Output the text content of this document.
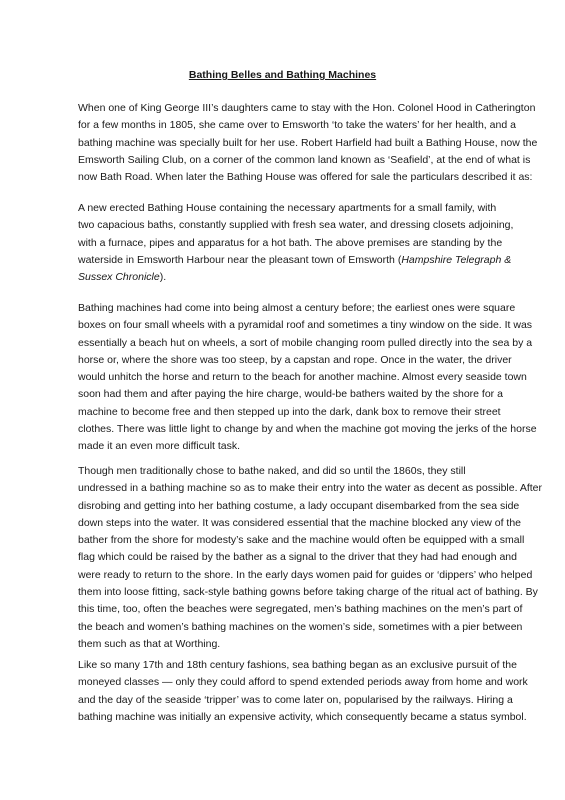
Bathing Belles and Bathing Machines
When one of King George III’s daughters came to stay with the Hon. Colonel Hood in Catherington
for a few months in 1805, she came over to Emsworth ‘to take the waters’ for her health, and a
bathing machine was specially built for her use. Robert Harfield had built a Bathing House, now the
Emsworth Sailing Club, on a corner of the common land known as ‘Seafield’, at the end of what is
now Bath Road. When later the Bathing House was offered for sale the particulars described it as:
A new erected Bathing House containing the necessary apartments for a small family, with
two capacious baths, constantly supplied with fresh sea water, and dressing closets adjoining,
with a furnace, pipes and apparatus for a hot bath. The above premises are standing by the
waterside in Emsworth Harbour near the pleasant town of Emsworth (Hampshire Telegraph &
Sussex Chronicle).
Bathing machines had come into being almost a century before; the earliest ones were square
boxes on four small wheels with a pyramidal roof and sometimes a tiny window on the side. It was
essentially a beach hut on wheels, a sort of mobile changing room pulled directly into the sea by a
horse or, where the shore was too steep, by a capstan and rope. Once in the water, the driver
would unhitch the horse and return to the beach for another machine. Almost every seaside town
soon had them and after paying the hire charge, would-be bathers waited by the shore for a
machine to become free and then stepped up into the dark, dank box to remove their street
clothes. There was little light to change by and when the machine got moving the jerks of the horse
made it an even more difficult task.
Though men traditionally chose to bathe naked, and did so until the 1860s, they still
undressed in a bathing machine so as to make their entry into the water as decent as possible. After
disrobing and getting into her bathing costume, a lady occupant disembarked from the sea side
down steps into the water. It was considered essential that the machine blocked any view of the
bather from the shore for modesty’s sake and the machine would often be equipped with a small
flag which could be raised by the bather as a signal to the driver that they had had enough and
were ready to return to the shore. In the early days women paid for guides or ‘dippers’ who helped
them into loose fitting, sack-style bathing gowns before taking charge of the ritual act of bathing. By
this time, too, often the beaches were segregated, men’s bathing machines on the men’s part of
the beach and women’s bathing machines on the women’s side, sometimes with a pier between
them such as that at Worthing.
Like so many 17th and 18th century fashions, sea bathing began as an exclusive pursuit of the
moneyed classes — only they could afford to spend extended periods away from home and work
and the day of the seaside ‘tripper’ was to come later on, popularised by the railways. Hiring a
bathing machine was initially an expensive activity, which consequently became a status symbol.
